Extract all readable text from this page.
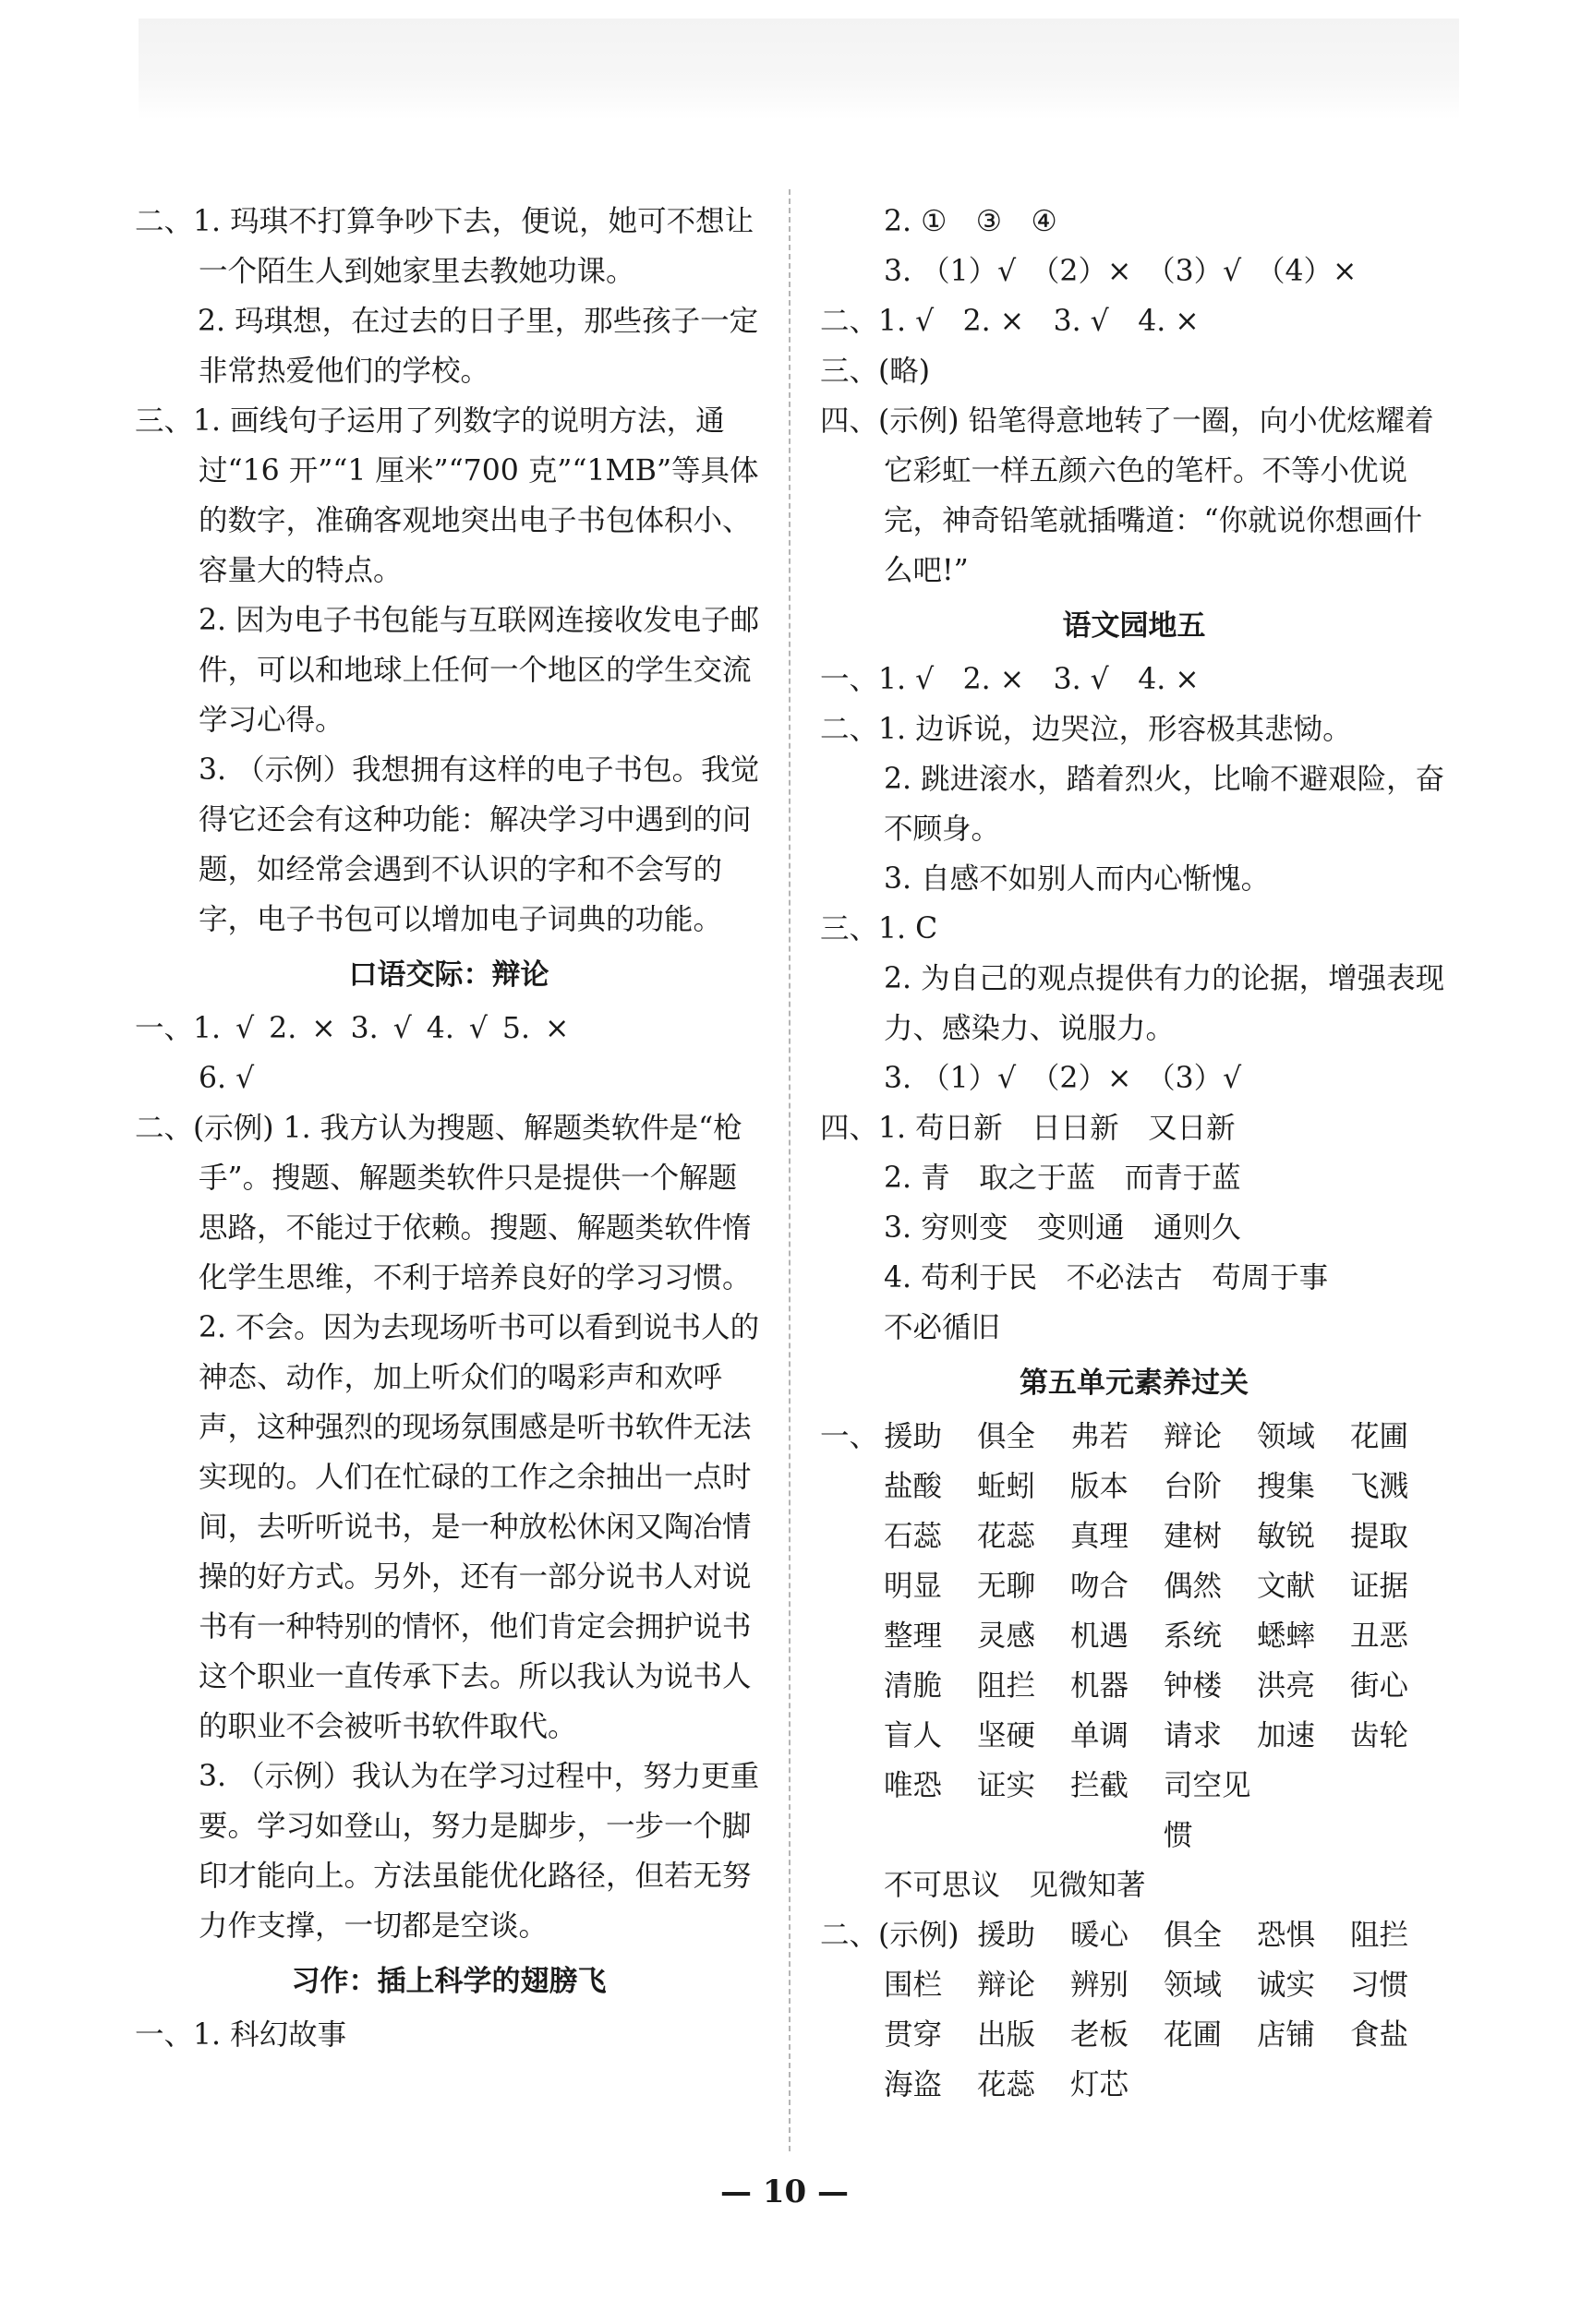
二、1. 玛琪不打算争吵下去，便说，她可不想让一个陌生人到她家里去教她功课。

2. 玛琪想，在过去的日子里，那些孩子一定非常热爱他们的学校。

三、1. 画线句子运用了列数字的说明方法，通过“16 开”“1 厘米”“700 克”“1MB”等具体的数字，准确客观地突出电子书包体积小、容量大的特点。

2. 因为电子书包能与互联网连接收发电子邮件，可以和地球上任何一个地区的学生交流学习心得。

3. （示例）我想拥有这样的电子书包。我觉得它还会有这种功能：解决学习中遇到的问题，如经常会遇到不认识的字和不会写的字，电子书包可以增加电子词典的功能。

口语交际：辩论

一、1. √ 2. × 3. √ 4. √ 5. ×

6. √

二、(示例) 1. 我方认为搜题、解题类软件是“枪手”。搜题、解题类软件只是提供一个解题思路，不能过于依赖。搜题、解题类软件惰化学生思维，不利于培养良好的学习习惯。

2. 不会。因为去现场听书可以看到说书人的神态、动作，加上听众们的喝彩声和欢呼声，这种强烈的现场氛围感是听书软件无法实现的。人们在忙碌的工作之余抽出一点时间，去听听说书，是一种放松休闲又陶冶情操的好方式。另外，还有一部分说书人对说书有一种特别的情怀，他们肯定会拥护说书这个职业一直传承下去。所以我认为说书人的职业不会被听书软件取代。

3. （示例）我认为在学习过程中，努力更重要。学习如登山，努力是脚步，一步一个脚印才能向上。方法虽能优化路径，但若无努力作支撑，一切都是空谈。

习作：插上科学的翅膀飞

一、1. 科幻故事

2. ①　③　④

3. （1）√　（2）×　（3）√　（4）×

二、1. √　2. ×　3. √　4. ×

三、(略)

四、(示例) 铅笔得意地转了一圈，向小优炫耀着它彩虹一样五颜六色的笔杆。不等小优说完，神奇铅笔就插嘴道：“你就说你想画什么吧!”

语文园地五

一、1. √　2. ×　3. √　4. ×

二、1. 边诉说，边哭泣，形容极其悲恸。

2. 跳进滚水，踏着烈火，比喻不避艰险，奋不顾身。

3. 自感不如别人而内心惭愧。

三、1. C

2. 为自己的观点提供有力的论据，增强表现力、感染力、说服力。

3. （1）√　（2）×　（3）√

四、1. 苟日新　日日新　又日新

2. 青　取之于蓝　而青于蓝

3. 穷则变　变则通　通则久

4. 苟利于民　不必法古　苟周于事

不必循旧

第五单元素养过关
一、 援助	俱全	弗若	辩论	领域	花圃
盐酸	蚯蚓	版本	台阶	搜集	飞溅
石蕊	花蕊	真理	建树	敏锐	提取
明显	无聊	吻合	偶然	文献	证据
整理	灵感	机遇	系统	蟋蟀	丑恶
清脆	阻拦	机器	钟楼	洪亮	街心
盲人	坚硬	单调	请求	加速	齿轮
唯恐	证实	拦截	司空见惯

不可思议　见微知著

二、(示例) 援助	暖心	俱全	恐惧	阻拦
围栏	辩论	辨别	领域	诚实	习惯
贯穿	出版	老板	花圃	店铺	食盐
海盗	花蕊	灯芯
— 10 —
